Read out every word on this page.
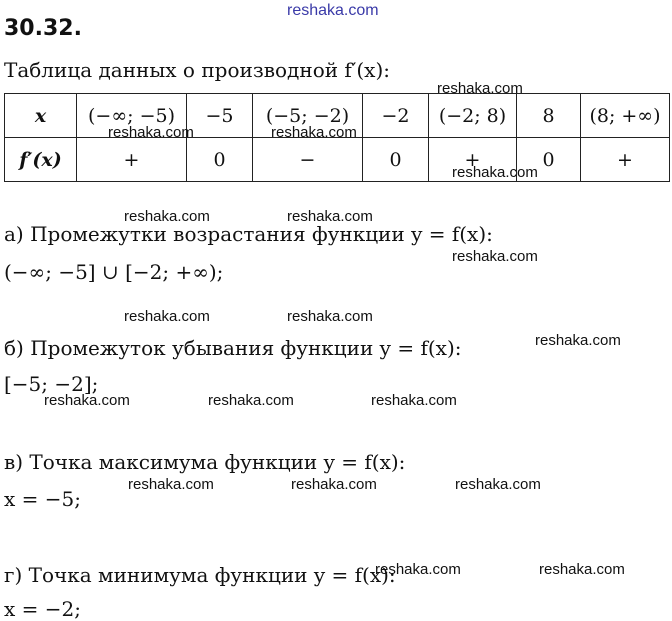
reshaka.com
30.32.
Таблица данных о производной f′(x):
x	(−∞; −5)	−5	(−5; −2)	−2	(−2; 8)	8	(8; +∞)
f′(x)	+	0	−	0	+	0	+
а) Промежутки возрастания функции y = f(x):
(−∞; −5] ∪ [−2; +∞);
б) Промежуток убывания функции y = f(x):
[−5; −2];
в) Точка максимума функции y = f(x):
x = −5;
г) Точка минимума функции y = f(x):
x = −2;
reshaka.com
reshaka.com	reshaka.com
reshaka.com
reshaka.com	reshaka.com
reshaka.com
reshaka.com	reshaka.com
reshaka.com
reshaka.com	reshaka.com	reshaka.com
reshaka.com	reshaka.com	reshaka.com
reshaka.com	reshaka.com
